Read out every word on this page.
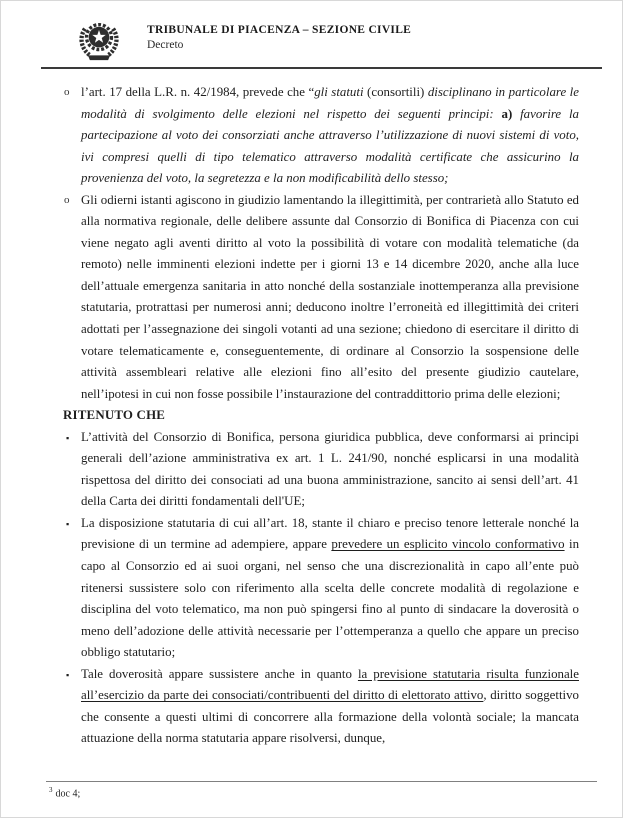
TRIBUNALE DI PIACENZA – SEZIONE CIVILE
Decreto
o l’art. 17 della L.R. n. 42/1984, prevede che “gli statuti (consortili) disciplinano in particolare le modalità di svolgimento delle elezioni nel rispetto dei seguenti principi: a) favorire la partecipazione al voto dei consorziati anche attraverso l’utilizzazione di nuovi sistemi di voto, ivi compresi quelli di tipo telematico attraverso modalità certificate che assicurino la provenienza del voto, la segretezza e la non modificabilità dello stesso;
o Gli odierni istanti agiscono in giudizio lamentando la illegittimità, per contrarietà allo Statuto ed alla normativa regionale, delle delibere assunte dal Consorzio di Bonifica di Piacenza con cui viene negato agli aventi diritto al voto la possibilità di votare con modalità telematiche (da remoto) nelle imminenti elezioni indette per i giorni 13 e 14 dicembre 2020, anche alla luce dell’attuale emergenza sanitaria in atto nonché della sostanziale inottemperanza alla previsione statutaria, protrattasi per numerosi anni; deducono inoltre l’erroneità ed illegittimità dei criteri adottati per l’assegnazione dei singoli votanti ad una sezione; chiedono di esercitare il diritto di votare telematicamente e, conseguentemente, di ordinare al Consorzio la sospensione delle attività assembleari relative alle elezioni fino all’esito del presente giudizio cautelare, nell’ipotesi in cui non fosse possibile l’instaurazione del contraddittorio prima delle elezioni;
RITENUTO CHE
▪ L’attività del Consorzio di Bonifica, persona giuridica pubblica, deve conformarsi ai principi generali dell’azione amministrativa ex art. 1 L. 241/90, nonché esplicarsi in una modalità rispettosa del diritto dei consociati ad una buona amministrazione, sancito ai sensi dell’art. 41 della Carta dei diritti fondamentali dell'UE;
▪ La disposizione statutaria di cui all’art. 18, stante il chiaro e preciso tenore letterale nonché la previsione di un termine ad adempiere, appare prevedere un esplicito vincolo conformativo in capo al Consorzio ed ai suoi organi, nel senso che una discrezionalità in capo all’ente può ritenersi sussistere solo con riferimento alla scelta delle concrete modalità di regolazione e disciplina del voto telematico, ma non può spingersi fino al punto di sindacare la doverosità o meno dell’adozione delle attività necessarie per l’ottemperanza a quello che appare un preciso obbligo statutario;
▪ Tale doverosità appare sussistere anche in quanto la previsione statutaria risulta funzionale all’esercizio da parte dei consociati/contribuenti del diritto di elettorato attivo, diritto soggettivo che consente a questi ultimi di concorrere alla formazione della volontà sociale; la mancata attuazione della norma statutaria appare risolversi, dunque,
$^3$ doc 4;
